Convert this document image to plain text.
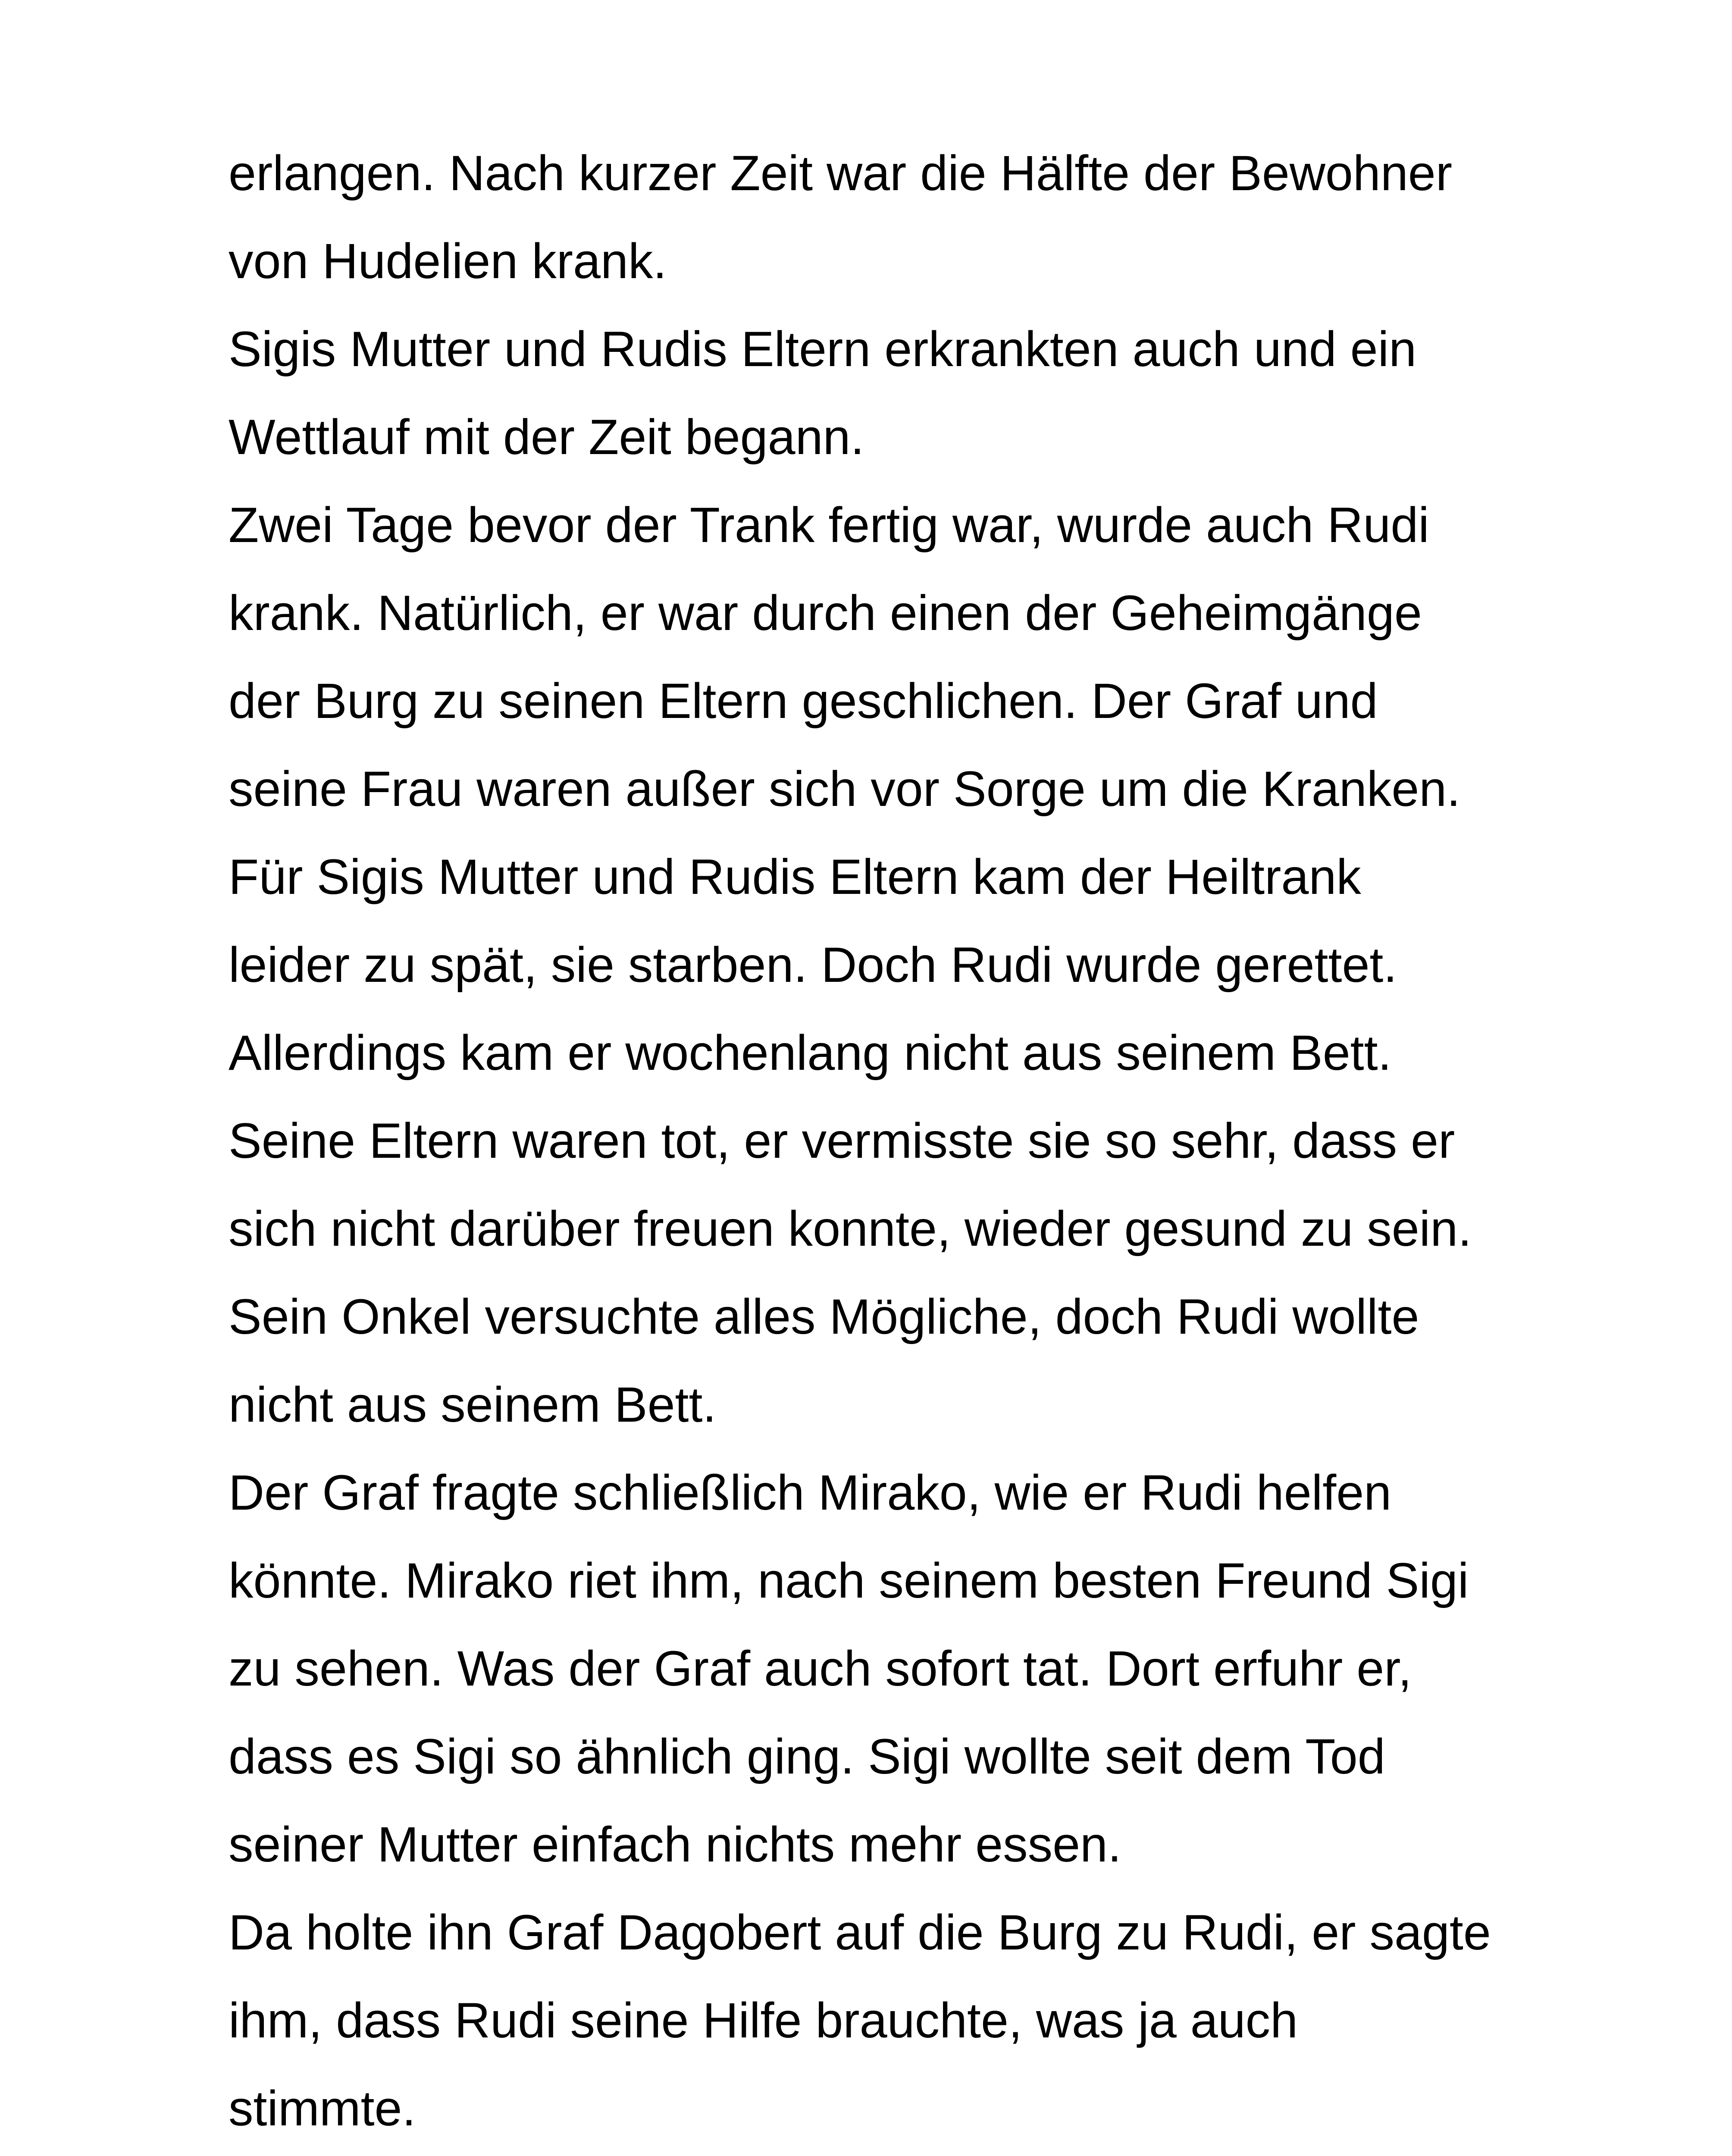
erlangen. Nach kurzer Zeit war die Hälfte der Bewohner
von Hudelien krank.
Sigis Mutter und Rudis Eltern erkrankten auch und ein
Wettlauf mit der Zeit begann.
Zwei Tage bevor der Trank fertig war, wurde auch Rudi
krank. Natürlich, er war durch einen der Geheimgänge
der Burg zu seinen Eltern geschlichen. Der Graf und
seine Frau waren außer sich vor Sorge um die Kranken.
Für Sigis Mutter und Rudis Eltern kam der Heiltrank
leider zu spät, sie starben. Doch Rudi wurde gerettet.
Allerdings kam er wochenlang nicht aus seinem Bett.
Seine Eltern waren tot, er vermisste sie so sehr, dass er
sich nicht darüber freuen konnte, wieder gesund zu sein.
Sein Onkel versuchte alles Mögliche, doch Rudi wollte
nicht aus seinem Bett.
Der Graf fragte schließlich Mirako, wie er Rudi helfen
könnte. Mirako riet ihm, nach seinem besten Freund Sigi
zu sehen. Was der Graf auch sofort tat. Dort erfuhr er,
dass es Sigi so ähnlich ging. Sigi wollte seit dem Tod
seiner Mutter einfach nichts mehr essen.
Da holte ihn Graf Dagobert auf die Burg zu Rudi, er sagte
ihm, dass Rudi seine Hilfe brauchte, was ja auch
stimmte.
